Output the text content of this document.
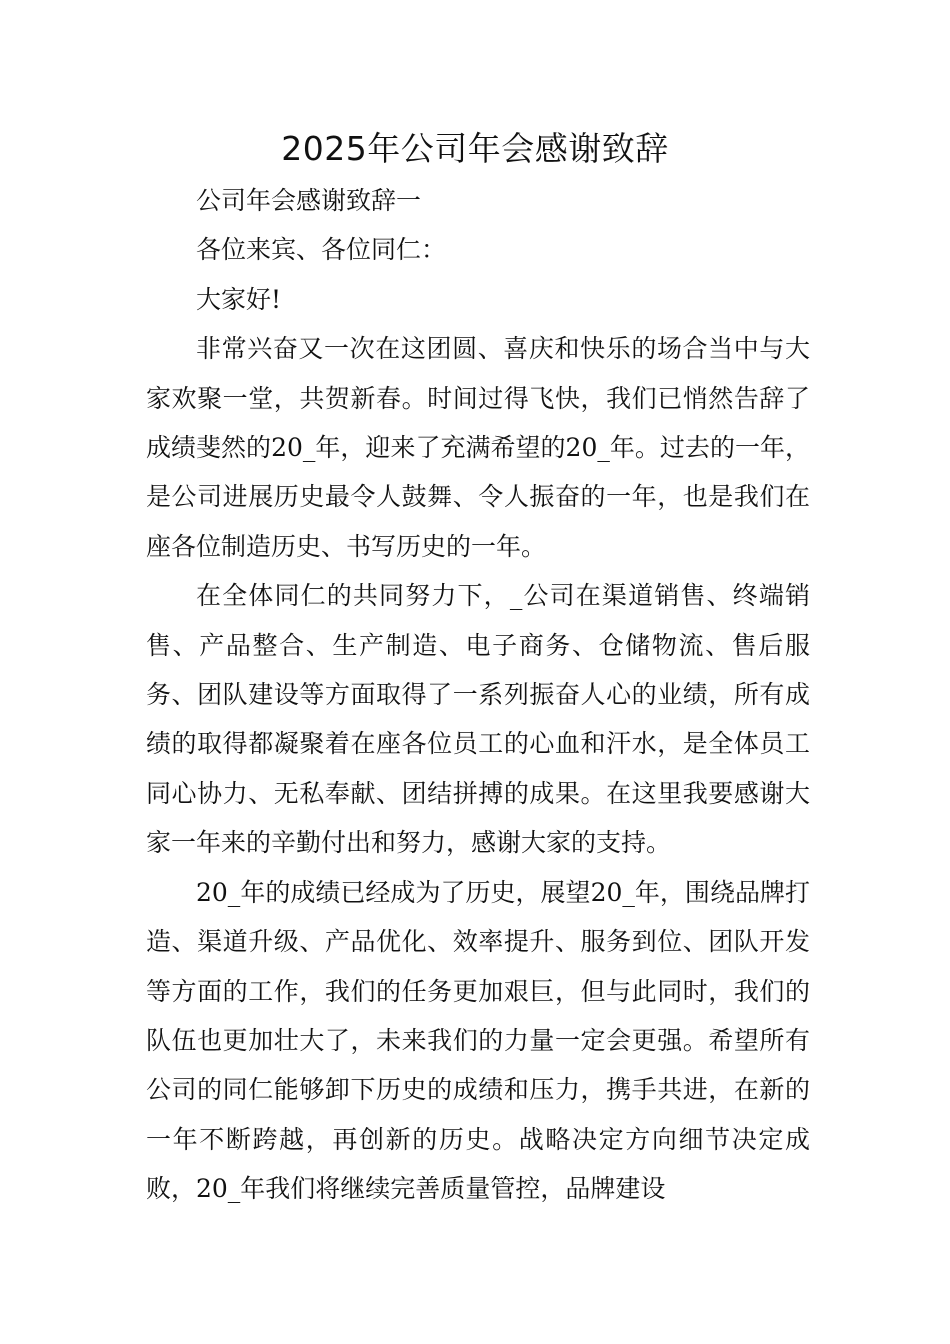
2025年公司年会感谢致辞

公司年会感谢致辞一

各位来宾、各位同仁：

大家好!

非常兴奋又一次在这团圆、喜庆和快乐的场合当中与大家欢聚一堂，共贺新春。时间过得飞快，我们已悄然告辞了成绩斐然的20_年，迎来了充满希望的20_年。过去的一年，是公司进展历史最令人鼓舞、令人振奋的一年，也是我们在座各位制造历史、书写历史的一年。

在全体同仁的共同努力下，_公司在渠道销售、终端销售、产品整合、生产制造、电子商务、仓储物流、售后服务、团队建设等方面取得了一系列振奋人心的业绩，所有成绩的取得都凝聚着在座各位员工的心血和汗水，是全体员工同心协力、无私奉献、团结拼搏的成果。在这里我要感谢大家一年来的辛勤付出和努力，感谢大家的支持。

20_年的成绩已经成为了历史，展望20_年，围绕品牌打造、渠道升级、产品优化、效率提升、服务到位、团队开发等方面的工作，我们的任务更加艰巨，但与此同时，我们的队伍也更加壮大了，未来我们的力量一定会更强。希望所有公司的同仁能够卸下历史的成绩和压力，携手共进，在新的一年不断跨越，再创新的历史。战略决定方向细节决定成败，20_年我们将继续完善质量管控，品牌建设
